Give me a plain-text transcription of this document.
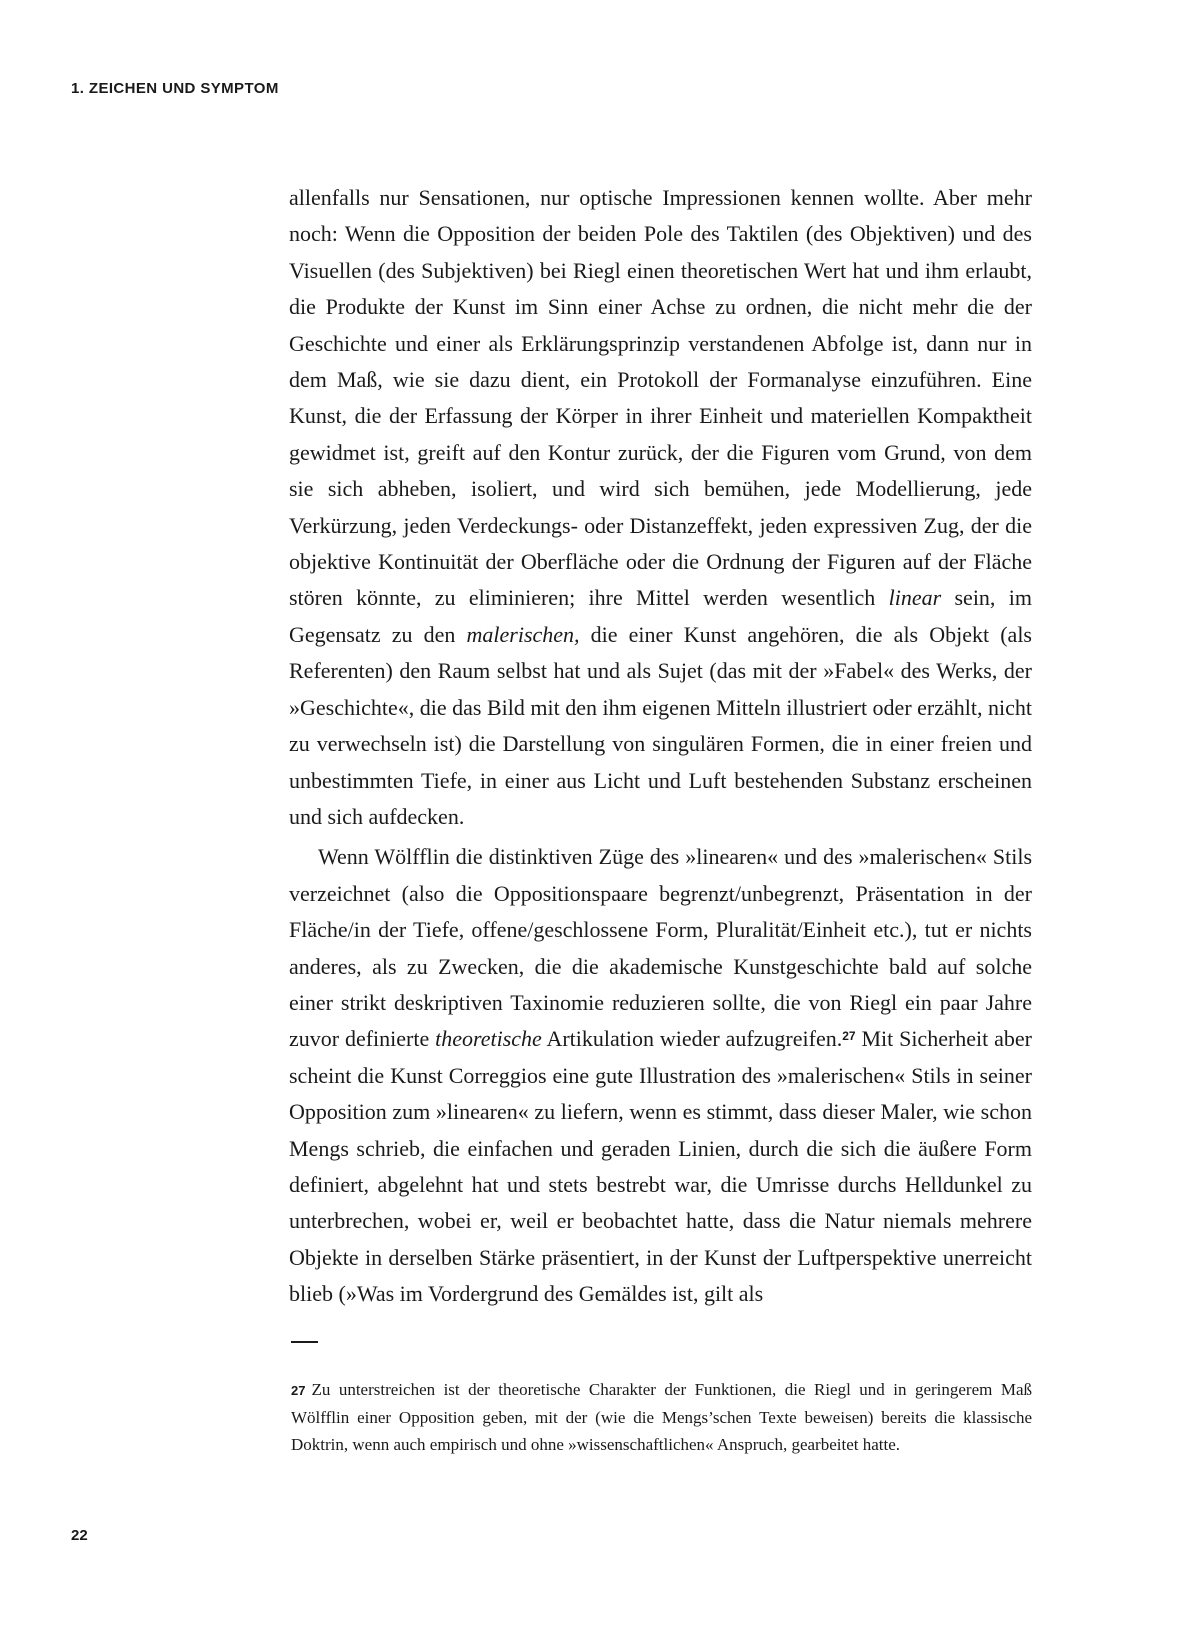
1. ZEICHEN UND SYMPTOM

allenfalls nur Sensationen, nur optische Impressionen kennen wollte. Aber mehr noch: Wenn die Opposition der beiden Pole des Taktilen (des Objektiven) und des Visuellen (des Subjektiven) bei Riegl einen theoretischen Wert hat und ihm erlaubt, die Produkte der Kunst im Sinn einer Achse zu ordnen, die nicht mehr die der Geschichte und einer als Erklärungsprinzip verstandenen Abfolge ist, dann nur in dem Maß, wie sie dazu dient, ein Protokoll der Formanalyse einzuführen. Eine Kunst, die der Erfassung der Körper in ihrer Einheit und materiellen Kompaktheit gewidmet ist, greift auf den Kontur zurück, der die Figuren vom Grund, von dem sie sich abheben, isoliert, und wird sich bemühen, jede Modellierung, jede Verkürzung, jeden Verdeckungs- oder Distanzeffekt, jeden expressiven Zug, der die objektive Kontinuität der Oberfläche oder die Ordnung der Figuren auf der Fläche stören könnte, zu eliminieren; ihre Mittel werden wesentlich linear sein, im Gegensatz zu den malerischen, die einer Kunst angehören, die als Objekt (als Referenten) den Raum selbst hat und als Sujet (das mit der »Fabel« des Werks, der »Geschichte«, die das Bild mit den ihm eigenen Mitteln illustriert oder erzählt, nicht zu verwechseln ist) die Darstellung von singulären Formen, die in einer freien und unbestimmten Tiefe, in einer aus Licht und Luft bestehenden Substanz erscheinen und sich aufdecken.

Wenn Wölfflin die distinktiven Züge des »linearen« und des »malerischen« Stils verzeichnet (also die Oppositionspaare begrenzt/unbegrenzt, Präsentation in der Fläche/in der Tiefe, offene/geschlossene Form, Pluralität/Einheit etc.), tut er nichts anderes, als zu Zwecken, die die akademische Kunstgeschichte bald auf solche einer strikt deskriptiven Taxinomie reduzieren sollte, die von Riegl ein paar Jahre zuvor definierte theoretische Artikulation wieder aufzugreifen.$^{27}$ Mit Sicherheit aber scheint die Kunst Correggios eine gute Illustration des »malerischen« Stils in seiner Opposition zum »linearen« zu liefern, wenn es stimmt, dass dieser Maler, wie schon Mengs schrieb, die einfachen und geraden Linien, durch die sich die äußere Form definiert, abgelehnt hat und stets bestrebt war, die Umrisse durchs Helldunkel zu unterbrechen, wobei er, weil er beobachtet hatte, dass die Natur niemals mehrere Objekte in derselben Stärke präsentiert, in der Kunst der Luftperspektive unerreicht blieb (»Was im Vordergrund des Gemäldes ist, gilt als

27 Zu unterstreichen ist der theoretische Charakter der Funktionen, die Riegl und in geringerem Maß Wölfflin einer Opposition geben, mit der (wie die Mengs’schen Texte beweisen) bereits die klassische Doktrin, wenn auch empirisch und ohne »wissenschaftlichen« Anspruch, gearbeitet hatte.

22
